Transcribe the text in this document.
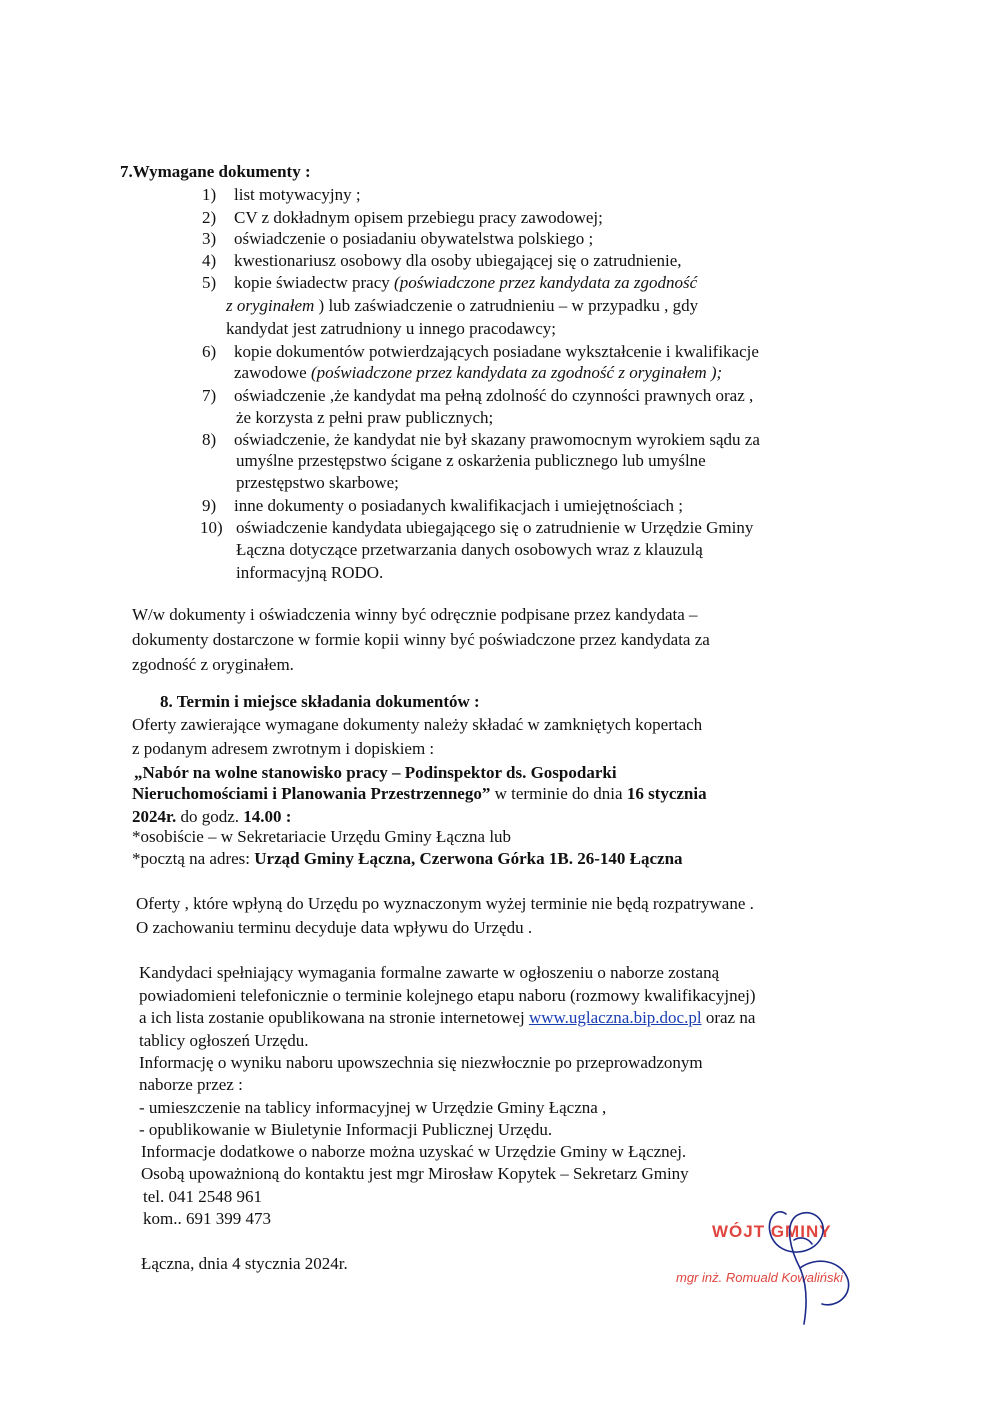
7.Wymagane dokumenty :
1) list motywacyjny ;
2) CV z dokładnym opisem przebiegu pracy zawodowej;
3) oświadczenie o posiadaniu obywatelstwa polskiego ;
4) kwestionariusz osobowy dla osoby ubiegającej się o zatrudnienie,
5) kopie świadectw pracy (poświadczone przez kandydata za zgodność
z oryginałem ) lub zaświadczenie o zatrudnieniu – w przypadku , gdy
kandydat jest zatrudniony u innego pracodawcy;
6) kopie dokumentów potwierdzających posiadane wykształcenie i kwalifikacje
zawodowe (poświadczone przez kandydata za zgodność z oryginałem );
7) oświadczenie ,że kandydat ma pełną zdolność do czynności prawnych oraz ,
że korzysta z pełni praw publicznych;
8) oświadczenie, że kandydat nie był skazany prawomocnym wyrokiem sądu za
umyślne przestępstwo ścigane z oskarżenia publicznego lub umyślne
przestępstwo skarbowe;
9) inne dokumenty o posiadanych kwalifikacjach i umiejętnościach ;
10) oświadczenie kandydata ubiegającego się o zatrudnienie w Urzędzie Gminy
Łączna dotyczące przetwarzania danych osobowych wraz z klauzulą
informacyjną RODO.
W/w dokumenty i oświadczenia winny być odręcznie podpisane przez kandydata –
dokumenty dostarczone w formie kopii winny być poświadczone przez kandydata za
zgodność z oryginałem.
8. Termin i miejsce składania dokumentów :
Oferty zawierające wymagane dokumenty należy składać w zamkniętych kopertach
z podanym adresem zwrotnym i dopiskiem :
„Nabór na wolne stanowisko pracy – Podinspektor ds. Gospodarki
Nieruchomościami i Planowania Przestrzennego” w terminie do dnia 16 stycznia
2024r. do godz. 14.00 :
*osobiście – w Sekretariacie Urzędu Gminy Łączna lub
*pocztą na adres: Urząd Gminy Łączna, Czerwona Górka 1B. 26-140 Łączna
Oferty , które wpłyną do Urzędu po wyznaczonym wyżej terminie nie będą rozpatrywane .
O zachowaniu terminu decyduje data wpływu do Urzędu .
Kandydaci spełniający wymagania formalne zawarte w ogłoszeniu o naborze zostaną
powiadomieni telefonicznie o terminie kolejnego etapu naboru (rozmowy kwalifikacyjnej)
a ich lista zostanie opublikowana na stronie internetowej www.uglaczna.bip.doc.pl oraz na
tablicy ogłoszeń Urzędu.
Informację o wyniku naboru upowszechnia się niezwłocznie po przeprowadzonym
naborze przez :
- umieszczenie na tablicy informacyjnej w Urzędzie Gminy Łączna ,
- opublikowanie w Biuletynie Informacji Publicznej Urzędu.
Informacje dodatkowe o naborze można uzyskać w Urzędzie Gminy w Łącznej.
Osobą upoważnioną do kontaktu jest mgr Mirosław Kopytek – Sekretarz Gminy
tel. 041 2548 961
kom.. 691 399 473
Łączna, dnia 4 stycznia 2024r.
WÓJT GMINY
mgr inż. Romuald Kowaliński
